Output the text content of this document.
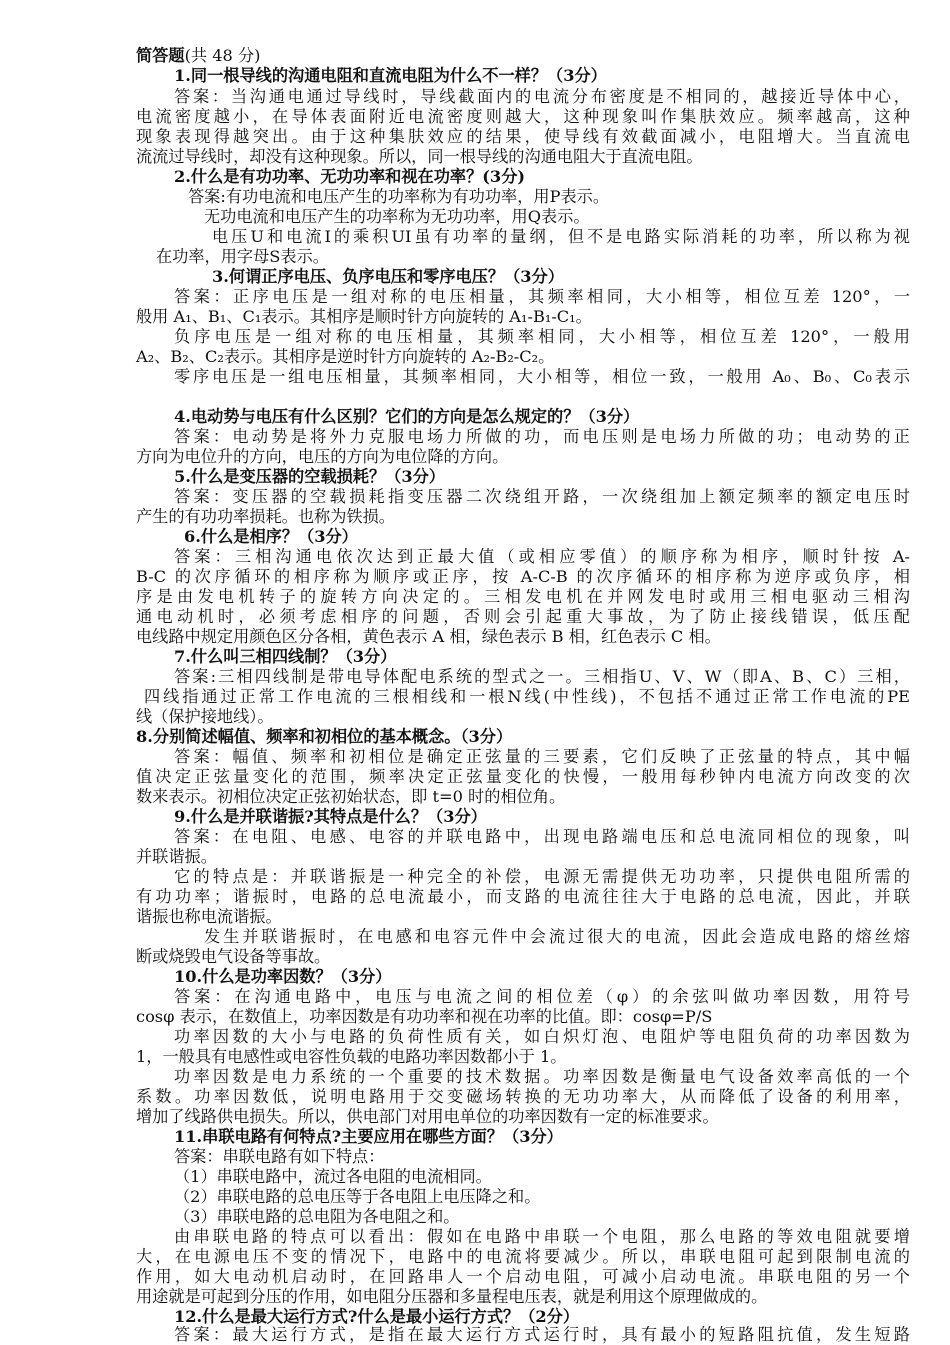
简答题(共 48 分)
1.同一根导线的沟通电阻和直流电阻为什么不一样？（3分）
答案：当沟通电通过导线时，导线截面内的电流分布密度是不相同的，越接近导体中心，
电流密度越小，在导体表面附近电流密度则越大，这种现象叫作集肤效应。频率越高，这种
现象表现得越突出。由于这种集肤效应的结果，使导线有效截面减小，电阻增大。当直流电
流流过导线时，却没有这种现象。所以，同一根导线的沟通电阻大于直流电阻。
2.什么是有功功率、无功功率和视在功率？(3分)
答案:有功电流和电压产生的功率称为有功功率，用P表示。
无功电流和电压产生的功率称为无功功率，用Q表示。
电压U和电流I的乘积UI虽有功率的量纲，但不是电路实际消耗的功率，所以称为视
在功率，用字母S表示。
3.何谓正序电压、负序电压和零序电压？（3分）
答案：正序电压是一组对称的电压相量，其频率相同，大小相等，相位互差 120°，一
般用 A₁、B₁、C₁表示。其相序是顺时针方向旋转的 A₁-B₁-C₁。
负序电压是一组对称的电压相量，其频率相同，大小相等，相位互差 120°，一般用
A₂、B₂、C₂表示。其相序是逆时针方向旋转的 A₂-B₂-C₂。
零序电压是一组电压相量，其频率相同，大小相等，相位一致，一般用 A₀、B₀、C₀表示
4.电动势与电压有什么区别？它们的方向是怎么规定的？（3分）
答案：电动势是将外力克服电场力所做的功，而电压则是电场力所做的功；电动势的正
方向为电位升的方向，电压的方向为电位降的方向。
5.什么是变压器的空载损耗？（3分）
答案：变压器的空载损耗指变压器二次绕组开路，一次绕组加上额定频率的额定电压时
产生的有功功率损耗。也称为铁损。
6.什么是相序？（3分）
答案：三相沟通电依次达到正最大值（或相应零值）的顺序称为相序，顺时针按 A-
B-C 的次序循环的相序称为顺序或正序，按 A-C-B 的次序循环的相序称为逆序或负序，相
序是由发电机转子的旋转方向决定的。三相发电机在并网发电时或用三相电驱动三相沟
通电动机时，必须考虑相序的问题，否则会引起重大事故，为了防止接线错误，低压配
电线路中规定用颜色区分各相，黄色表示 A 相，绿色表示 B 相，红色表示 C 相。
7.什么叫三相四线制？（3分）
答案:三相四线制是带电导体配电系统的型式之一。三相指U、V、W（即A、B、C）三相，
四线指通过正常工作电流的三根相线和一根N线(中性线)，不包括不通过正常工作电流的PE
线（保护接地线）。
8.分别简述幅值、频率和初相位的基本概念。（3分）
答案：幅值、频率和初相位是确定正弦量的三要素，它们反映了正弦量的特点，其中幅
值决定正弦量变化的范围，频率决定正弦量变化的快慢，一般用每秒钟内电流方向改变的次
数来表示。初相位决定正弦初始状态，即 t=0 时的相位角。
9.什么是并联谐振?其特点是什么？（3分）
答案：在电阻、电感、电容的并联电路中，出现电路端电压和总电流同相位的现象，叫
并联谐振。
它的特点是：并联谐振是一种完全的补偿，电源无需提供无功功率，只提供电阻所需的
有功功率；谐振时，电路的总电流最小，而支路的电流往往大于电路的总电流，因此，并联
谐振也称电流谐振。
发生并联谐振时，在电感和电容元件中会流过很大的电流，因此会造成电路的熔丝熔
断或烧毁电气设备等事故。
10.什么是功率因数？（3分）
答案：在沟通电路中，电压与电流之间的相位差（φ）的余弦叫做功率因数，用符号
cosφ 表示，在数值上，功率因数是有功功率和视在功率的比值。即：cosφ=P/S
功率因数的大小与电路的负荷性质有关，如白炽灯泡、电阻炉等电阻负荷的功率因数为
1，一般具有电感性或电容性负载的电路功率因数都小于 1。
功率因数是电力系统的一个重要的技术数据。功率因数是衡量电气设备效率高低的一个
系数。功率因数低，说明电路用于交变磁场转换的无功功率大，从而降低了设备的利用率，
增加了线路供电损失。所以，供电部门对用电单位的功率因数有一定的标准要求。
11.串联电路有何特点?主要应用在哪些方面？（3分）
答案：串联电路有如下特点：
（1）串联电路中，流过各电阻的电流相同。
（2）串联电路的总电压等于各电阻上电压降之和。
（3）串联电路的总电阻为各电阻之和。
由串联电路的特点可以看出：假如在电路中串联一个电阻，那么电路的等效电阻就要增
大，在电源电压不变的情况下，电路中的电流将要减少。所以，串联电阻可起到限制电流的
作用，如大电动机启动时，在回路串人一个启动电阻，可减小启动电流。串联电阻的另一个
用途就是可起到分压的作用，如电阻分压器和多量程电压表，就是利用这个原理做成的。
12.什么是最大运行方式?什么是最小运行方式？（2分）
答案：最大运行方式，是指在最大运行方式运行时，具有最小的短路阻抗值，发生短路
